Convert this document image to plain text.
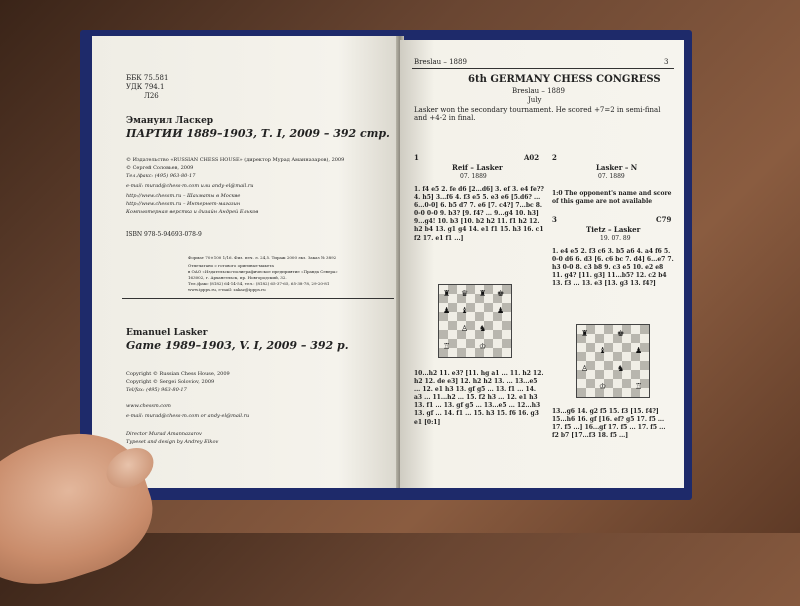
ББК 75.581

УДК 794.1

Л26

Эмануил Ласкер

ПАРТИИ 1889–1903, Т. I, 2009 – 392 стр.

© Издательство «RUSSIAN CHESS HOUSE» (директор Мурад Аманназаров), 2009

© Сергей Соловьев, 2009

Тел./факс: (495) 963-80-17

e-mail: murad@chess-m.com или andy-el@mail.ru

http://www.chessm.ru – Шахматы в Москве

http://www.chessm.ru – Интернет-магазин

Компьютерная верстка и дизайн Андрей Ельков

ISBN 978-5-94693-078-9

Формат 70×100 1/16. Физ. печ. л. 24,5. Тираж 2000 экз. Заказ № 3892

Отпечатано с готового оригинал-макета

в ОАО «Издательско-полиграфическое предприятие «Правда Севера»

163002, г. Архангельск, пр. Новгородский, 32.

Тел./факс (8182) 64-14-54, тел.: (8182) 65-37-65, 65-38-78, 29-20-81

www.ippps.ru, e-mail: zakaz@ippps.ru

Emanuel Lasker

Game 1989–1903, V. I, 2009 – 392 p.

Copyright © Russian Chess House, 2009

Copyright © Sergei Soloviov, 2009

Tel/fax: (495) 963-80-17

www.chessm.com

e-mail: murad@chess-m.com or andy-el@mail.ru

Director Murad Amannazarov

Typeset and design by Andrey Elkov

Breslau – 1889	3

6th GERMANY CHESS CONGRESS

Breslau – 1889

July

Lasker won the secondary tournament. He scored +7=2 in semi-final and +4-2 in final.

1	A02

Reif – Lasker

07. 1889

1. f4 e5 2. fe d6 [2...d6] 3. ef 3. e4 fe?? 4. h5] 3...f6 4. f3 e5 5. e3 e6 [5.d6? ... 6...0-0] 6. b5 d7 7. e6 [7. c4?] 7...bc 8. 0-0 0-0 9. b3? [9. f4? ... 9...g4 10. h3] 9...g4! 10. b3 [10. b2 h2 11. f1 h2 12. h2 b4 13. g1 g4 14. e1 f1 15. h3 16. c1 f2 17. e1 f1 ...]

♜ ♛ ♜ ♚
♟ ♝	♟
♞
♙
♖	♔

10...h2 11. e3? [11. hg a1 ... 11. h2 12. h2 12. de e3] 12. h2 h2 13. ... 13...e5 ... 12. e1 h3 13. gf g5 ... 13. f1 ... 14. a3 ... 11...h2 ... 15. f2 h3 ... 12. e1 h3 13. f1 ... 13. gf g5 ... 13...e5 ... 12...h3 13. gf ... 14. f1 ... 15. h3 15. f6 16. g3 e1 [0:1]

2

Lasker – N

07. 1889

1:0 The opponent's name and score of this game are not available

3	C79

Tietz – Lasker

19. 07. 89

1. e4 e5 2. f3 c6 3. b5 a6 4. a4 f6 5. 0-0 d6 6. d3 [6. c6 bc 7. d4] 6...e7 7. h3 0-0 8. c3 b8 9. c3 e5 10. e2 e8 11. g4? [11. g3] 11...b5? 12. c2 b4 13. f3 ... 13. e3 [13. g3 13. f4?]

♜	♚
♝	♟
♙	♞
♔	♖

13...g6 14. g2 f5 15. f3 [15. f4?] 15...h6 16. gf [16. ef? g5 17. f5 ... 17. f5 ...] 16...gf 17. f5 ... 17. f5 ... f2 b7 [17...f3 18. f5 ...]
